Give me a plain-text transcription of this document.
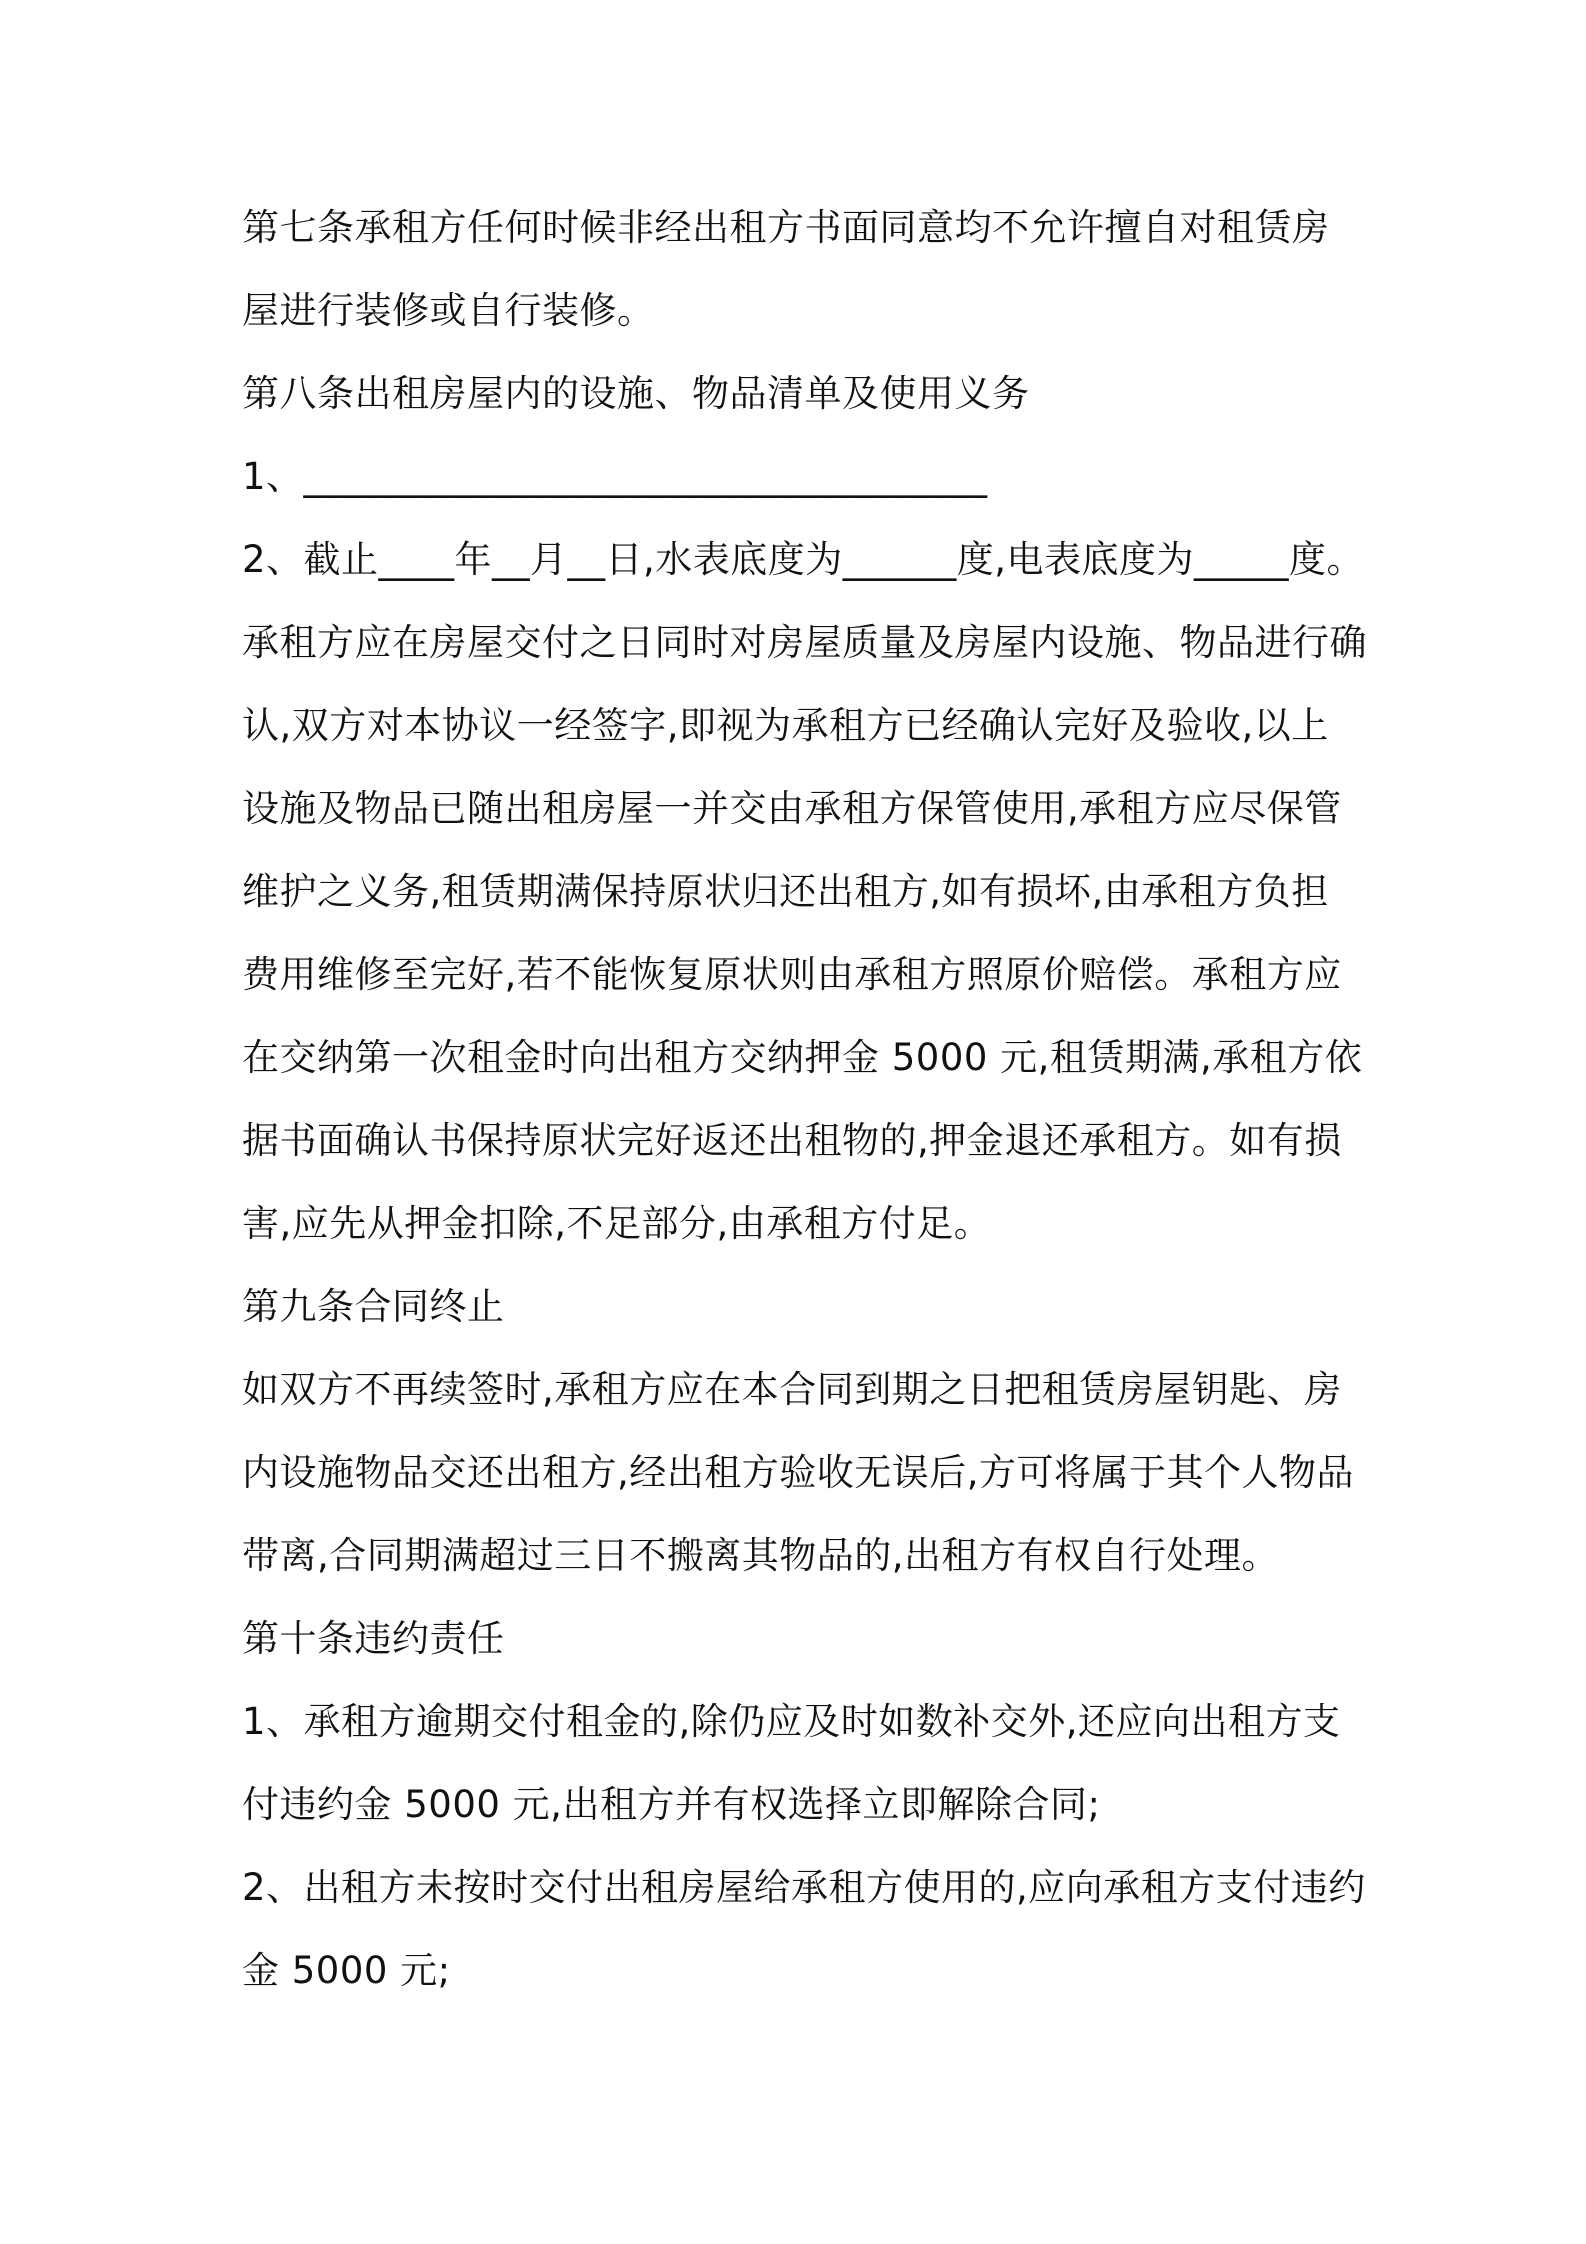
第七条承租方任何时候非经出租方书面同意均不允许擅自对租赁房
屋进行装修或自行装修。
第八条出租房屋内的设施、物品清单及使用义务
1、____________________________________
2、截止____年__月__日,水表底度为______度,电表底度为_____度。
承租方应在房屋交付之日同时对房屋质量及房屋内设施、物品进行确
认,双方对本协议一经签字,即视为承租方已经确认完好及验收,以上
设施及物品已随出租房屋一并交由承租方保管使用,承租方应尽保管
维护之义务,租赁期满保持原状归还出租方,如有损坏,由承租方负担
费用维修至完好,若不能恢复原状则由承租方照原价赔偿。承租方应
在交纳第一次租金时向出租方交纳押金 5000 元,租赁期满,承租方依
据书面确认书保持原状完好返还出租物的,押金退还承租方。如有损
害,应先从押金扣除,不足部分,由承租方付足。
第九条合同终止
如双方不再续签时,承租方应在本合同到期之日把租赁房屋钥匙、房
内设施物品交还出租方,经出租方验收无误后,方可将属于其个人物品
带离,合同期满超过三日不搬离其物品的,出租方有权自行处理。
第十条违约责任
1、承租方逾期交付租金的,除仍应及时如数补交外,还应向出租方支
付违约金 5000 元,出租方并有权选择立即解除合同;
2、出租方未按时交付出租房屋给承租方使用的,应向承租方支付违约
金 5000 元;
